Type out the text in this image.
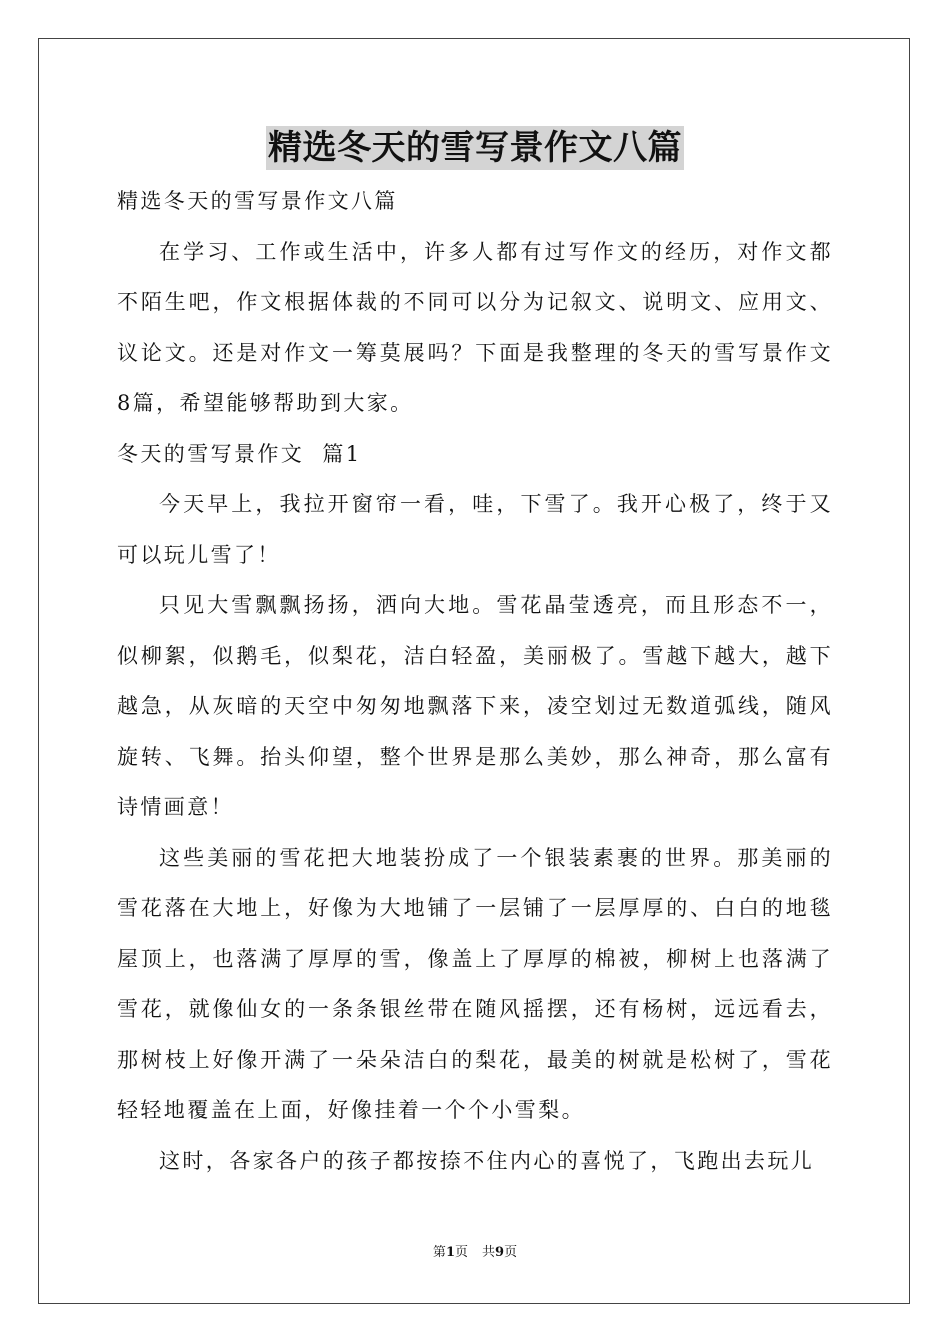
精选冬天的雪写景作文八篇

精选冬天的雪写景作文八篇

在学习、工作或生活中，许多人都有过写作文的经历，对作文都不陌生吧，作文根据体裁的不同可以分为记叙文、说明文、应用文、议论文。还是对作文一筹莫展吗？下面是我整理的冬天的雪写景作文8篇，希望能够帮助到大家。

冬天的雪写景作文  篇1

今天早上，我拉开窗帘一看，哇，下雪了。我开心极了，终于又可以玩儿雪了！

只见大雪飘飘扬扬，洒向大地。雪花晶莹透亮，而且形态不一，似柳絮，似鹅毛，似梨花，洁白轻盈，美丽极了。雪越下越大，越下越急，从灰暗的天空中匆匆地飘落下来，凌空划过无数道弧线，随风旋转、飞舞。抬头仰望，整个世界是那么美妙，那么神奇，那么富有诗情画意！

这些美丽的雪花把大地装扮成了一个银装素裹的世界。那美丽的雪花落在大地上，好像为大地铺了一层铺了一层厚厚的、白白的地毯屋顶上，也落满了厚厚的雪，像盖上了厚厚的棉被，柳树上也落满了雪花，就像仙女的一条条银丝带在随风摇摆，还有杨树，远远看去，那树枝上好像开满了一朵朵洁白的梨花，最美的树就是松树了，雪花轻轻地覆盖在上面，好像挂着一个个小雪梨。

这时，各家各户的孩子都按捺不住内心的喜悦了，飞跑出去玩儿

第1页 共9页
